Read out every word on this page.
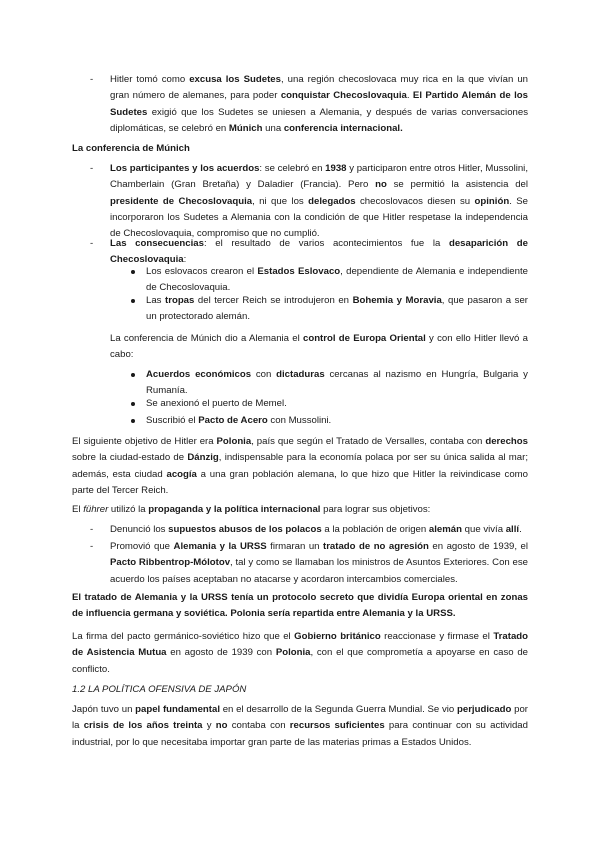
- Hitler tomó como excusa los Sudetes, una región checoslovaca muy rica en la que vivían un gran número de alemanes, para poder conquistar Checoslovaquia. El Partido Alemán de los Sudetes exigió que los Sudetes se uniesen a Alemania, y después de varias conversaciones diplomáticas, se celebró en Múnich una conferencia internacional.
La conferencia de Múnich
- Los participantes y los acuerdos: se celebró en 1938 y participaron entre otros Hitler, Mussolini, Chamberlain (Gran Bretaña) y Daladier (Francia). Pero no se permitió la asistencia del presidente de Checoslovaquia, ni que los delegados checoslovacos diesen su opinión. Se incorporaron los Sudetes a Alemania con la condición de que Hitler respetase la independencia de Checoslovaquia, compromiso que no cumplió.
- Las consecuencias: el resultado de varios acontecimientos fue la desaparición de Checoslovaquia:
Los eslovacos crearon el Estados Eslovaco, dependiente de Alemania e independiente de Checoslovaquia.
Las tropas del tercer Reich se introdujeron en Bohemia y Moravia, que pasaron a ser un protectorado alemán.
La conferencia de Múnich dio a Alemania el control de Europa Oriental y con ello Hitler llevó a cabo:
Acuerdos económicos con dictaduras cercanas al nazismo en Hungría, Bulgaria y Rumanía.
Se anexionó el puerto de Memel.
Suscribió el Pacto de Acero con Mussolini.
El siguiente objetivo de Hitler era Polonia, país que según el Tratado de Versalles, contaba con derechos sobre la ciudad-estado de Dánzig, indispensable para la economía polaca por ser su única salida al mar; además, esta ciudad acogía a una gran población alemana, lo que hizo que Hitler la reivindicase como parte del Tercer Reich.
El führer utilizó la propaganda y la política internacional para lograr sus objetivos:
- Denunció los supuestos abusos de los polacos a la población de origen alemán que vivía allí.
- Promovió que Alemania y la URSS firmaran un tratado de no agresión en agosto de 1939, el Pacto Ribbentrop-Mólotov, tal y como se llamaban los ministros de Asuntos Exteriores. Con ese acuerdo los países aceptaban no atacarse y acordaron intercambios comerciales.
El tratado de Alemania y la URSS tenía un protocolo secreto que dividía Europa oriental en zonas de influencia germana y soviética. Polonia sería repartida entre Alemania y la URSS.
La firma del pacto germánico-soviético hizo que el Gobierno británico reaccionase y firmase el Tratado de Asistencia Mutua en agosto de 1939 con Polonia, con el que comprometía a apoyarse en caso de conflicto.
1.2 LA POLÍTICA OFENSIVA DE JAPÓN
Japón tuvo un papel fundamental en el desarrollo de la Segunda Guerra Mundial. Se vio perjudicado por la crisis de los años treinta y no contaba con recursos suficientes para continuar con su actividad industrial, por lo que necesitaba importar gran parte de las materias primas a Estados Unidos.
